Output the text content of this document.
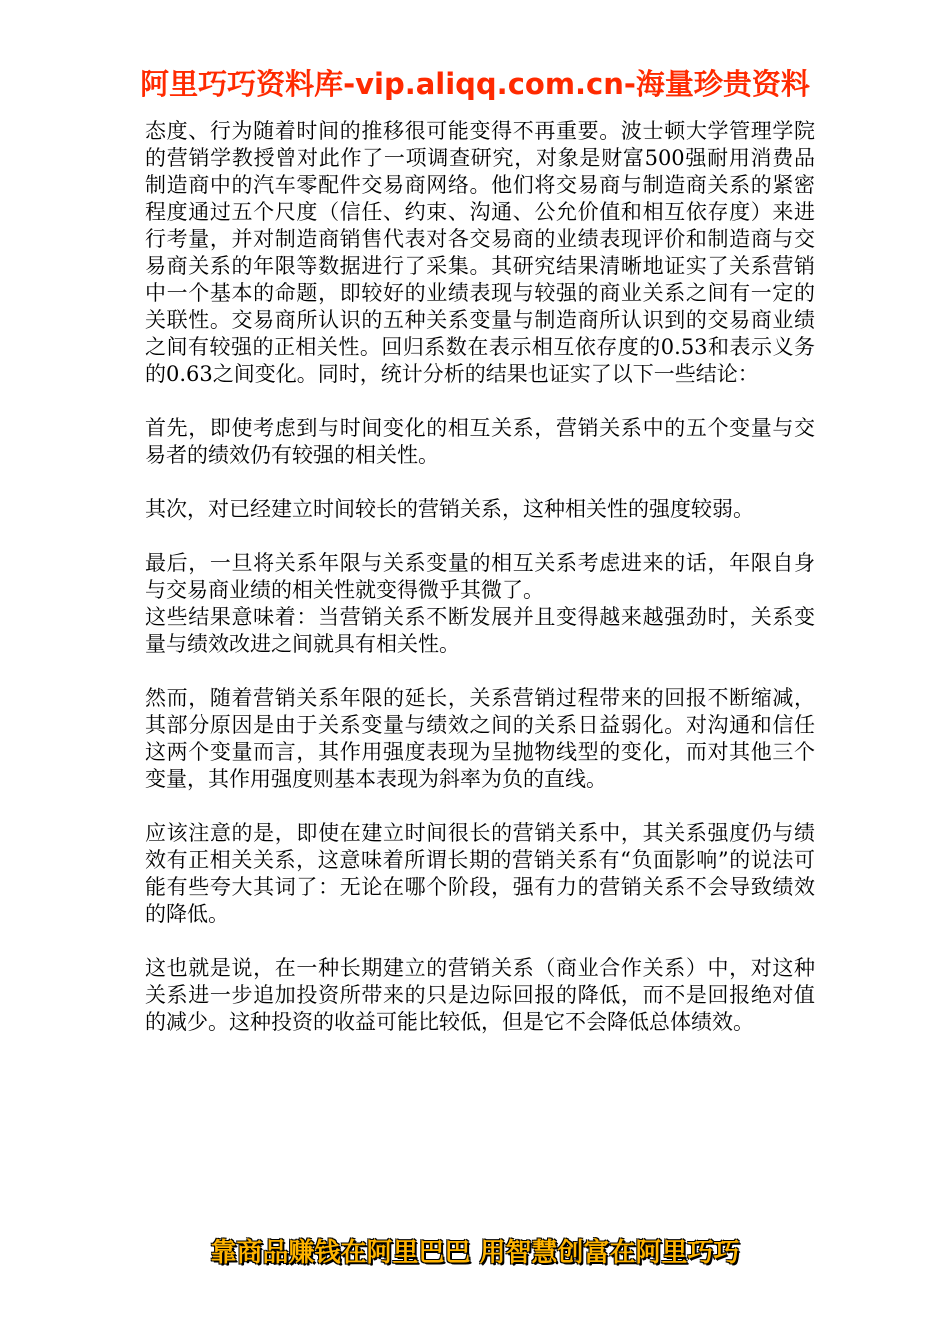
阿里巧巧资料库-vip.aliqq.com.cn-海量珍贵资料

态度、行为随着时间的推移很可能变得不再重要。波士顿大学管理学院的营销学教授曾对此作了一项调查研究，对象是财富500强耐用消费品制造商中的汽车零配件交易商网络。他们将交易商与制造商关系的紧密程度通过五个尺度（信任、约束、沟通、公允价值和相互依存度）来进行考量，并对制造商销售代表对各交易商的业绩表现评价和制造商与交易商关系的年限等数据进行了采集。其研究结果清晰地证实了关系营销中一个基本的命题，即较好的业绩表现与较强的商业关系之间有一定的关联性。交易商所认识的五种关系变量与制造商所认识到的交易商业绩之间有较强的正相关性。回归系数在表示相互依存度的0.53和表示义务的0.63之间变化。同时，统计分析的结果也证实了以下一些结论：

首先，即使考虑到与时间变化的相互关系，营销关系中的五个变量与交易者的绩效仍有较强的相关性。

其次，对已经建立时间较长的营销关系，这种相关性的强度较弱。

最后，一旦将关系年限与关系变量的相互关系考虑进来的话，年限自身与交易商业绩的相关性就变得微乎其微了。

这些结果意味着：当营销关系不断发展并且变得越来越强劲时，关系变量与绩效改进之间就具有相关性。

然而，随着营销关系年限的延长，关系营销过程带来的回报不断缩减，其部分原因是由于关系变量与绩效之间的关系日益弱化。对沟通和信任这两个变量而言，其作用强度表现为呈抛物线型的变化，而对其他三个变量，其作用强度则基本表现为斜率为负的直线。

应该注意的是，即使在建立时间很长的营销关系中，其关系强度仍与绩效有正相关关系，这意味着所谓长期的营销关系有“负面影响”的说法可能有些夸大其词了：无论在哪个阶段，强有力的营销关系不会导致绩效的降低。

这也就是说，在一种长期建立的营销关系（商业合作关系）中，对这种关系进一步追加投资所带来的只是边际回报的降低，而不是回报绝对值的减少。这种投资的收益可能比较低，但是它不会降低总体绩效。

靠商品赚钱在阿里巴巴 用智慧创富在阿里巧巧
